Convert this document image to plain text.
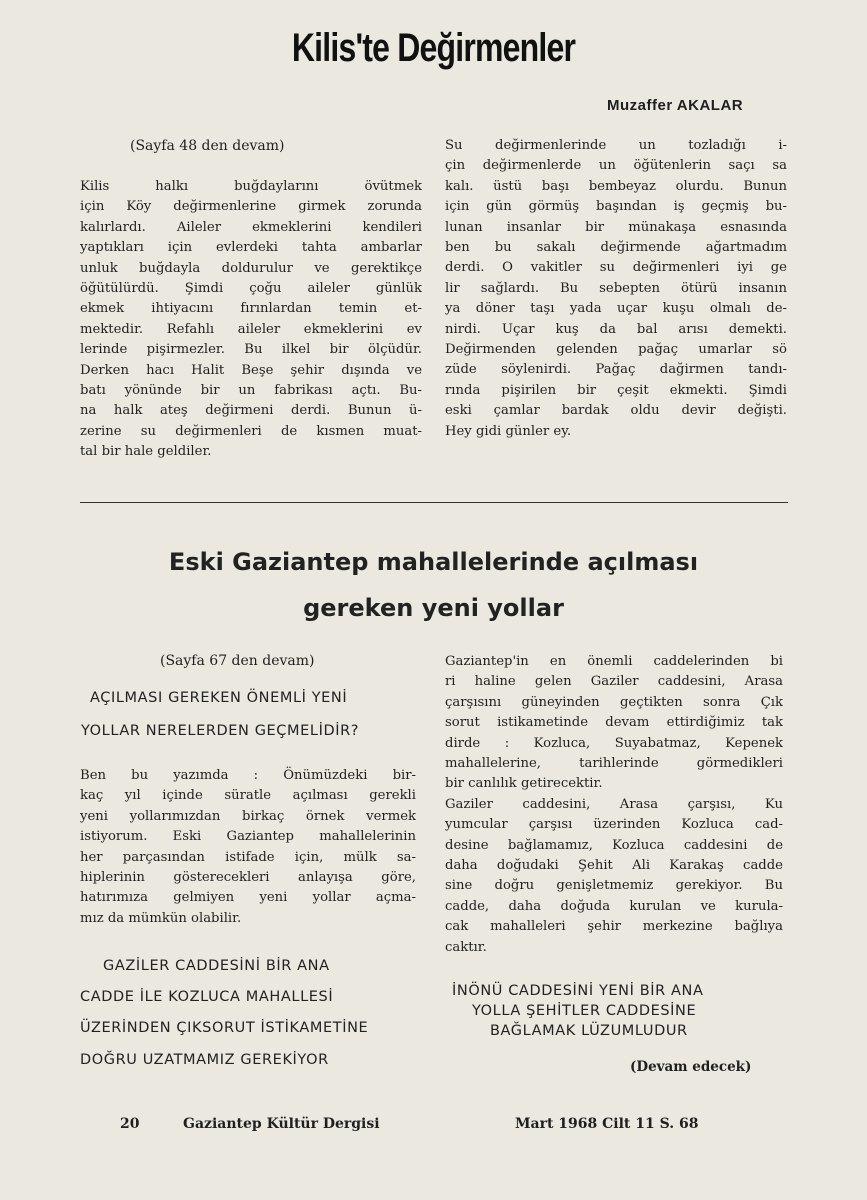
Kilis'te Değirmenler
Muzaffer AKALAR
(Sayfa 48 den devam)
Kilis halkı buğdaylarını övütmek
için Köy değirmenlerine girmek zorunda
kalırlardı. Aileler ekmeklerini kendileri
yaptıkları için evlerdeki tahta ambarlar
unluk buğdayla doldurulur ve gerektikçe
öğütülürdü. Şimdi çoğu aileler günlük
ekmek ihtiyacını fırınlardan temin et-
mektedir. Refahlı aileler ekmeklerini ev
lerinde pişirmezler. Bu ilkel bir ölçüdür.
Derken hacı Halit Beşe şehir dışında ve
batı yönünde bir un fabrikası açtı. Bu-
na halk ateş değirmeni derdi. Bunun ü-
zerine su değirmenleri de kısmen muat-
tal bir hale geldiler.
Su değirmenlerinde un tozladığı i-
çin değirmenlerde un öğütenlerin saçı sa
kalı. üstü başı bembeyaz olurdu. Bunun
için gün görmüş başından iş geçmiş bu-
lunan insanlar bir münakaşa esnasında
ben bu sakalı değirmende ağartmadım
derdi. O vakitler su değirmenleri iyi ge
lir sağlardı. Bu sebepten ötürü insanın
ya döner taşı yada uçar kuşu olmalı de-
nirdi. Uçar kuş da bal arısı demekti.
Değirmenden gelenden pağaç umarlar sö
züde söylenirdi. Pağaç dağirmen tandı-
rında pişirilen bir çeşit ekmekti. Şimdi
eski çamlar bardak oldu devir değişti.
Hey gidi günler ey.
Eski Gaziantep mahallelerinde açılması
gereken yeni yollar
(Sayfa 67 den devam)
AÇILMASI GEREKEN ÖNEMLİ YENİ
YOLLAR NERELERDEN GEÇMELİDİR?
Ben bu yazımda : Önümüzdeki bir-
kaç yıl içinde süratle açılması gerekli
yeni yollarımızdan birkaç örnek vermek
istiyorum. Eski Gaziantep mahallelerinin
her parçasından istifade için, mülk sa-
hiplerinin gösterecekleri anlayışa göre,
hatırımıza gelmiyen yeni yollar açma-
mız da mümkün olabilir.
GAZİLER CADDESİNİ BİR ANA
CADDE İLE KOZLUCA MAHALLESİ
ÜZERİNDEN ÇIKSORUT İSTİKAMETİNE
DOĞRU UZATMAMIZ GEREKİYOR
Gaziantep'in en önemli caddelerinden bi
ri haline gelen Gaziler caddesini, Arasa
çarşısını güneyinden geçtikten sonra Çık
sorut istikametinde devam ettirdiğimiz tak
dirde : Kozluca, Suyabatmaz, Kepenek
mahallelerine, tarihlerinde görmedikleri
bir canlılık getirecektir.
Gaziler caddesini, Arasa çarşısı, Ku
yumcular çarşısı üzerinden Kozluca cad-
desine bağlamamız, Kozluca caddesini de
daha doğudaki Şehit Ali Karakaş cadde
sine doğru genişletmemiz gerekiyor. Bu
cadde, daha doğuda kurulan ve kurula-
cak mahalleleri şehir merkezine bağlıya
caktır.
İNÖNÜ CADDESİNİ YENİ BİR ANA
YOLLA ŞEHİTLER CADDESİNE
BAĞLAMAK LÜZUMLUDUR
(Devam edecek)
20	Gaziantep Kültür Dergisi	Mart 1968 Cilt 11 S. 68
